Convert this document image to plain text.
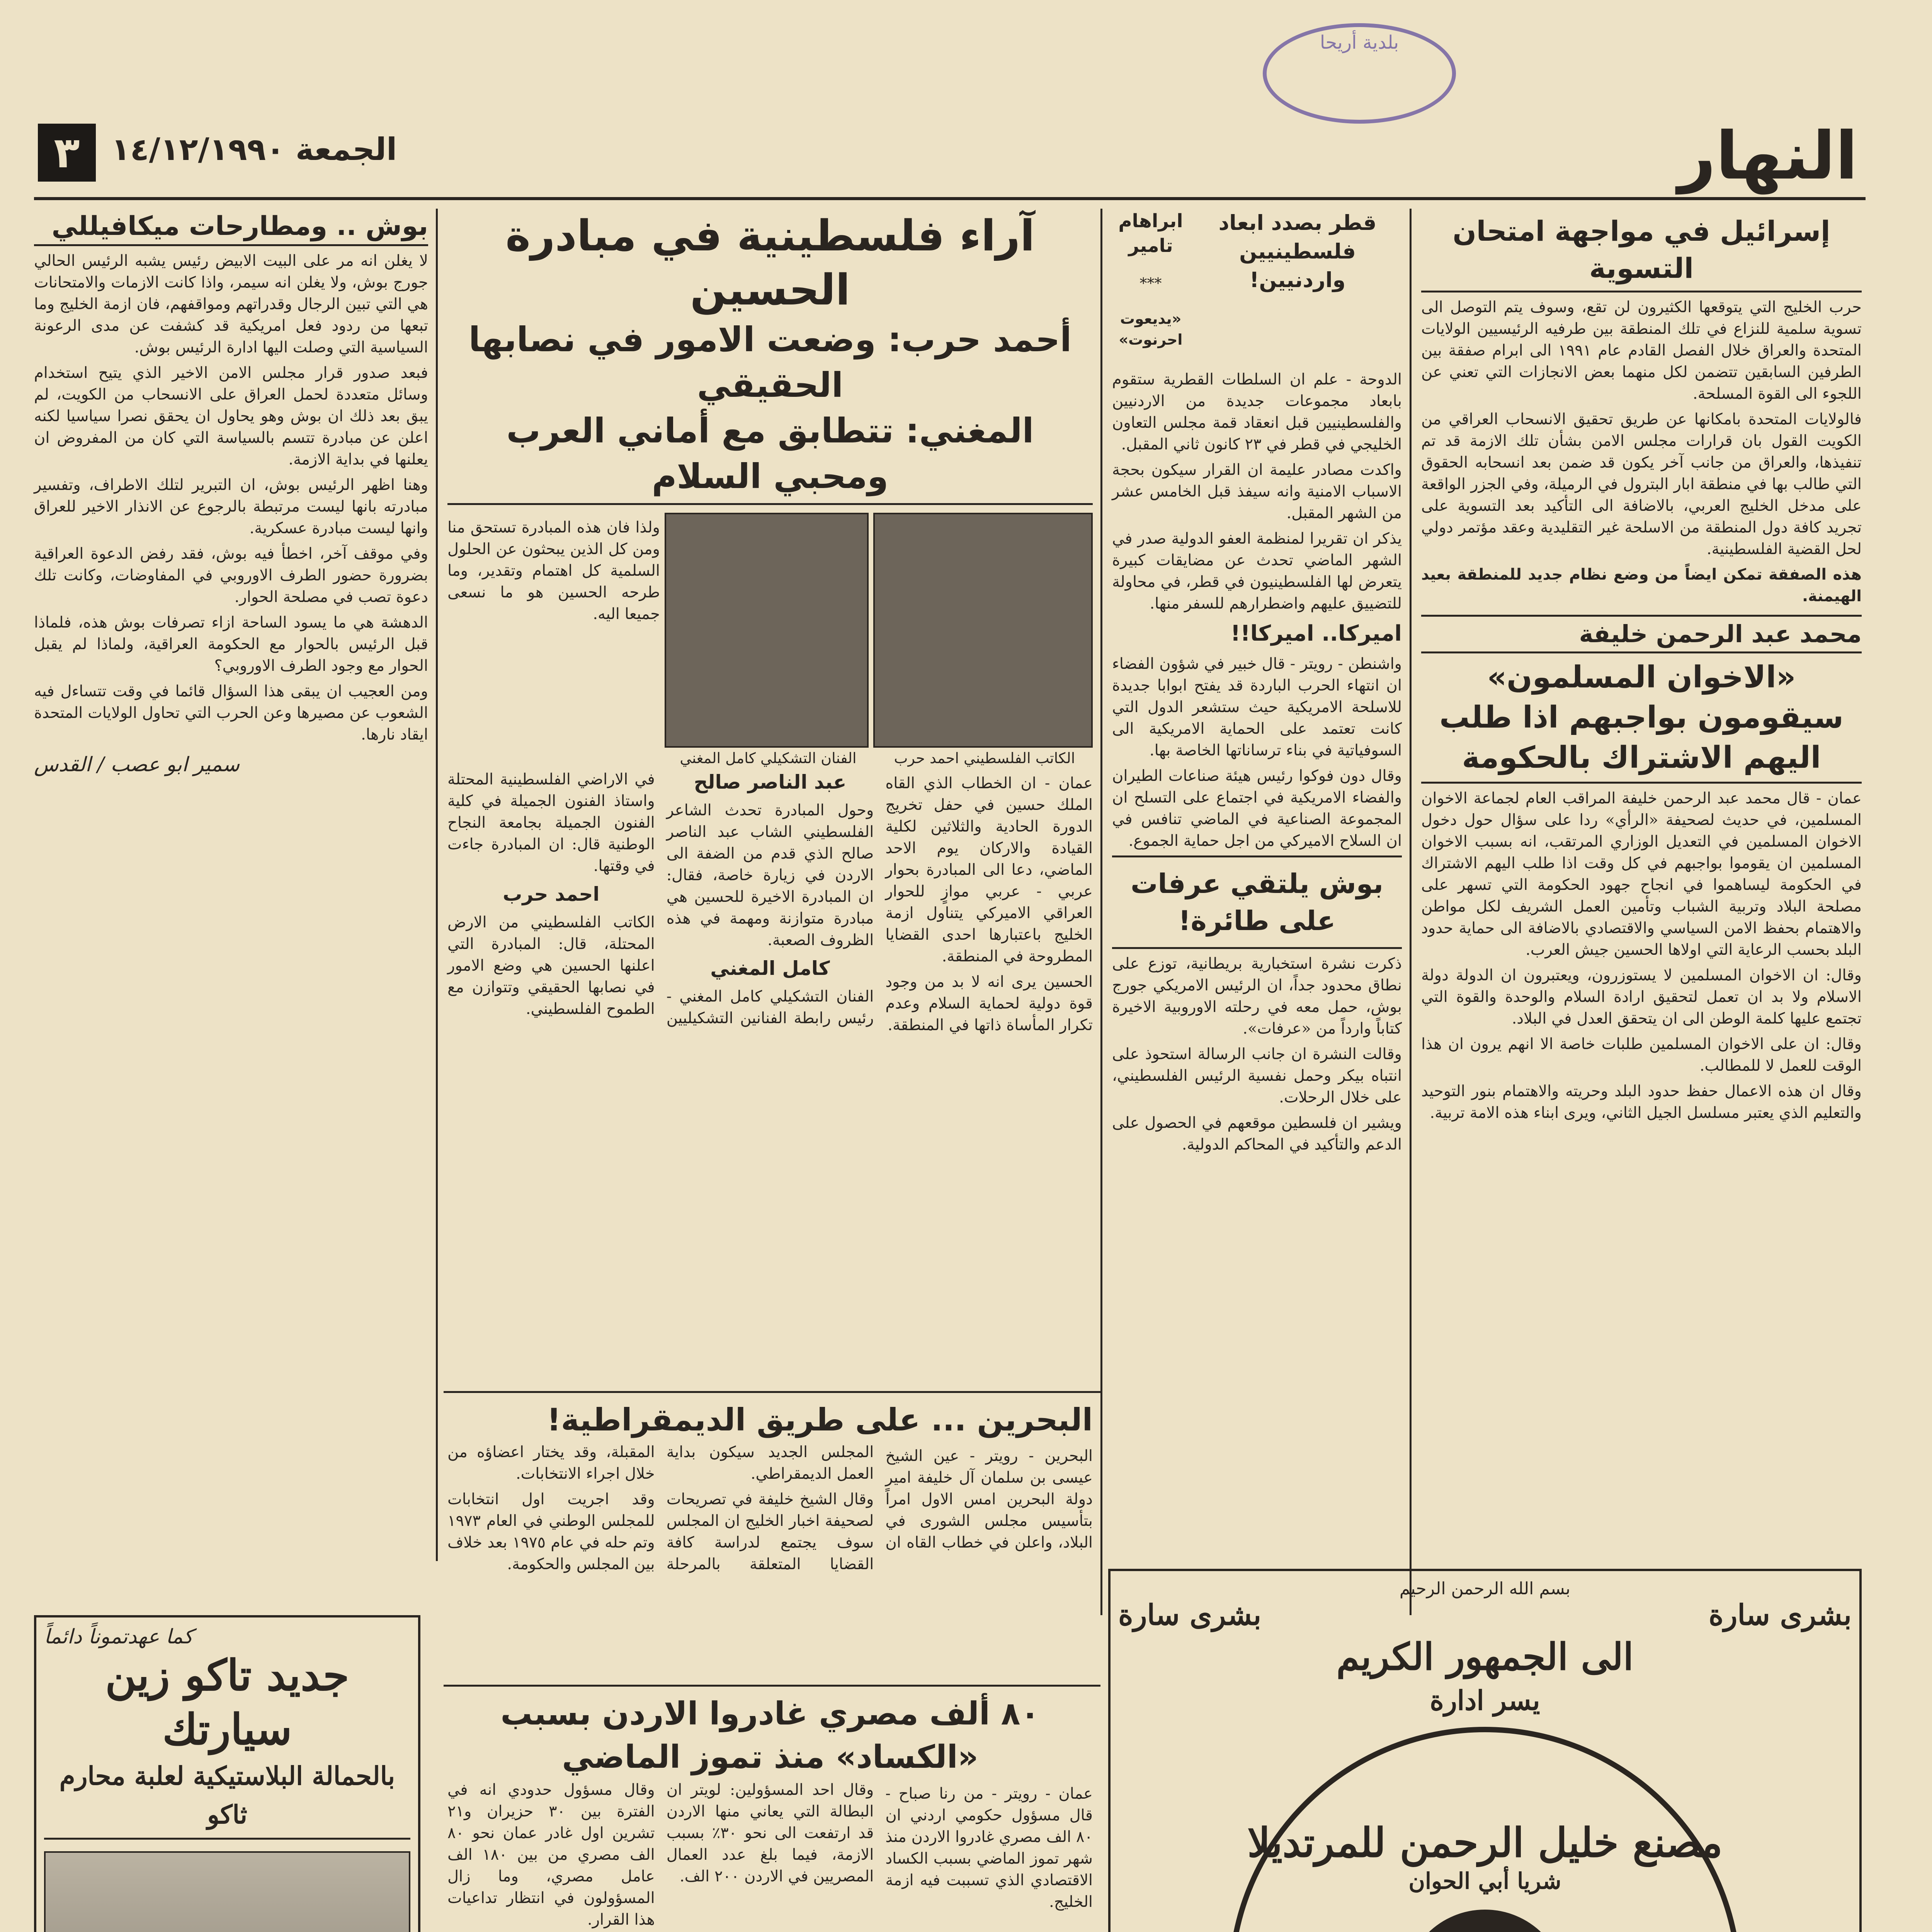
بلدية أريحا
٣	الجمعة ١٤/١٢/١٩٩٠	النهار
إسرائيل في مواجهة امتحان التسوية

حرب الخليج التي يتوقعها الكثيرون لن تقع، وسوف يتم التوصل الى تسوية سلمية للنزاع في تلك المنطقة بين طرفيه الرئيسيين الولايات المتحدة والعراق خلال الفصل القادم عام ١٩٩١ الى ابرام صفقة بين الطرفين السابقين تتضمن لكل منهما بعض الانجازات التي تعني عن اللجوء الى القوة المسلحة.

فالولايات المتحدة بامكانها عن طريق تحقيق الانسحاب العراقي من الكويت القول بان قرارات مجلس الامن بشأن تلك الازمة قد تم تنفيذها، والعراق من جانب آخر يكون قد ضمن بعد انسحابه الحقوق التي طالب بها في منطقة ابار البترول في الرميلة، وفي الجزر الواقعة على مدخل الخليج العربي، بالاضافة الى التأكيد بعد التسوية على تجريد كافة دول المنطقة من الاسلحة غير التقليدية وعقد مؤتمر دولي لحل القضية الفلسطينية.

هذه الصفقة تمكن ايضاً من وضع نظام جديد للمنطقة بعيد الهيمنة.

محمد عبد الرحمن خليفة
«الاخوان المسلمون» سيقومون بواجبهم اذا طلب اليهم الاشتراك بالحكومة

عمان - قال محمد عبد الرحمن خليفة المراقب العام لجماعة الاخوان المسلمين، في حديث لصحيفة «الرأي» ردا على سؤال حول دخول الاخوان المسلمين في التعديل الوزاري المرتقب، انه بسبب الاخوان المسلمين ان يقوموا بواجبهم في كل وقت اذا طلب اليهم الاشتراك في الحكومة ليساهموا في انجاح جهود الحكومة التي تسهر على مصلحة البلاد وتربية الشباب وتأمين العمل الشريف لكل مواطن والاهتمام بحفظ الامن السياسي والاقتصادي بالاضافة الى حماية حدود البلد بحسب الرعاية التي اولاها الحسين جيش العرب.

وقال: ان الاخوان المسلمين لا يستوزرون، ويعتبرون ان الدولة دولة الاسلام ولا بد ان تعمل لتحقيق ارادة السلام والوحدة والقوة التي تجتمع عليها كلمة الوطن الى ان يتحقق العدل في البلاد.

وقال: ان على الاخوان المسلمين طلبات خاصة الا انهم يرون ان هذا الوقت للعمل لا للمطالب.

وقال ان هذه الاعمال حفظ حدود البلد وحريته والاهتمام بنور التوحيد والتعليم الذي يعتبر مسلسل الجيل الثاني، ويرى ابناء هذه الامة تربية.

قطر بصدد ابعاد فلسطينيين واردنيين!
ابراهام تامير

***

«يديعوت احرنوت»

الدوحة - علم ان السلطات القطرية ستقوم بابعاد مجموعات جديدة من الاردنيين والفلسطينيين قبل انعقاد قمة مجلس التعاون الخليجي في قطر في ٢٣ كانون ثاني المقبل.

واكدت مصادر عليمة ان القرار سيكون بحجة الاسباب الامنية وانه سيفذ قبل الخامس عشر من الشهر المقبل.

يذكر ان تقريرا لمنظمة العفو الدولية صدر في الشهر الماضي تحدث عن مضايقات كبيرة يتعرض لها الفلسطينيون في قطر، في محاولة للتضييق عليهم واضطرارهم للسفر منها.

اميركا.. اميركا!!

واشنطن - رويتر - قال خبير في شؤون الفضاء ان انتهاء الحرب الباردة قد يفتح ابوابا جديدة للاسلحة الامريكية حيث ستشعر الدول التي كانت تعتمد على الحماية الامريكية الى السوفياتية في بناء ترساناتها الخاصة بها.

وقال دون فوكوا رئيس هيئة صناعات الطيران والفضاء الامريكية في اجتماع على التسلح ان المجموعة الصناعية في الماضي تنافس في ان السلاح الاميركي من اجل حماية الجموع.

بوش يلتقي عرفات على طائرة!

ذكرت نشرة استخبارية بريطانية، توزع على نطاق محدود جداً، ان الرئيس الامريكي جورج بوش، حمل معه في رحلته الاوروبية الاخيرة كتاباً وارداً من «عرفات».

وقالت النشرة ان جانب الرسالة استحوذ على انتباه بيكر وحمل نفسية الرئيس الفلسطيني، على خلال الرحلات.

ويشير ان فلسطين موقعهم في الحصول على الدعم والتأكيد في المحاكم الدولية.

آراء فلسطينية في مبادرة الحسين
أحمد حرب: وضعت الامور في نصابها الحقيقي
المغني: تتطابق مع أماني العرب ومحبي السلام
الكاتب الفلسطيني احمد حرب
الفنان التشكيلي كامل المغني

ولذا فان هذه المبادرة تستحق منا ومن كل الذين يبحثون عن الحلول السلمية كل اهتمام وتقدير، وما طرحه الحسين هو ما نسعى جميعا اليه.

عمان - ان الخطاب الذي القاه الملك حسين في حفل تخريج الدورة الحادية والثلاثين لكلية القيادة والاركان يوم الاحد الماضي، دعا الى المبادرة بحوار عربي - عربي موازٍ للحوار العراقي الاميركي يتناول ازمة الخليج باعتبارها احدى القضايا المطروحة في المنطقة.

الحسين يرى انه لا بد من وجود قوة دولية لحماية السلام وعدم تكرار المأساة ذاتها في المنطقة.

عبد الناصر صالح

وحول المبادرة تحدث الشاعر الفلسطيني الشاب عبد الناصر صالح الذي قدم من الضفة الى الاردن في زيارة خاصة، فقال: ان المبادرة الاخيرة للحسين هي مبادرة متوازنة ومهمة في هذه الظروف الصعبة.

كامل المغني

الفنان التشكيلي كامل المغني - رئيس رابطة الفنانين التشكيليين في الاراضي الفلسطينية المحتلة واستاذ الفنون الجميلة في كلية الفنون الجميلة بجامعة النجاح الوطنية قال: ان المبادرة جاءت في وقتها.

احمد حرب

الكاتب الفلسطيني من الارض المحتلة، قال: المبادرة التي اعلنها الحسين هي وضع الامور في نصابها الحقيقي وتتوازن مع الطموح الفلسطيني.

بوش .. ومطارحات ميكافيللي

لا يغلن انه مر على البيت الابيض رئيس يشبه الرئيس الحالي جورج بوش، ولا يغلن انه سيمر، واذا كانت الازمات والامتحانات هي التي تبين الرجال وقدراتهم ومواقفهم، فان ازمة الخليج وما تبعها من ردود فعل امريكية قد كشفت عن مدى الرعونة السياسية التي وصلت اليها ادارة الرئيس بوش.

فبعد صدور قرار مجلس الامن الاخير الذي يتيح استخدام وسائل متعددة لحمل العراق على الانسحاب من الكويت، لم يبق بعد ذلك ان بوش وهو يحاول ان يحقق نصرا سياسيا لكنه اعلن عن مبادرة تتسم بالسياسة التي كان من المفروض ان يعلنها في بداية الازمة.

وهنا اظهر الرئيس بوش، ان التبرير لتلك الاطراف، وتفسير مبادرته بانها ليست مرتبطة بالرجوع عن الانذار الاخير للعراق وانها ليست مبادرة عسكرية.

وفي موقف آخر، اخطأ فيه بوش، فقد رفض الدعوة العراقية بضرورة حضور الطرف الاوروبي في المفاوضات، وكانت تلك دعوة تصب في مصلحة الحوار.

الدهشة هي ما يسود الساحة ازاء تصرفات بوش هذه، فلماذا قبل الرئيس بالحوار مع الحكومة العراقية، ولماذا لم يقبل الحوار مع وجود الطرف الاوروبي؟

ومن العجيب ان يبقى هذا السؤال قائما في وقت تتساءل فيه الشعوب عن مصيرها وعن الحرب التي تحاول الولايات المتحدة ايقاد نارها.

سمير ابو عصب / القدس

البحرين ... على طريق الديمقراطية!

البحرين - رويتر - عين الشيخ عيسى بن سلمان آل خليفة امير دولة البحرين امس الاول امراً بتأسيس مجلس الشورى في البلاد، واعلن في خطاب القاه ان المجلس الجديد سيكون بداية العمل الديمقراطي.

وقال الشيخ خليفة في تصريحات لصحيفة اخبار الخليج ان المجلس سوف يجتمع لدراسة كافة القضايا المتعلقة بالمرحلة المقبلة، وقد يختار اعضاؤه من خلال اجراء الانتخابات.

وقد اجريت اول انتخابات للمجلس الوطني في العام ١٩٧٣ وتم حله في عام ١٩٧٥ بعد خلاف بين المجلس والحكومة.

٨٠ ألف مصري غادروا الاردن بسبب «الكساد» منذ تموز الماضي

عمان - رويتر - من رنا صباح - قال مسؤول حكومي اردني ان ٨٠ الف مصري غادروا الاردن منذ شهر تموز الماضي بسبب الكساد الاقتصادي الذي تسببت فيه ازمة الخليج.

وقال احد المسؤولين: لويتر ان البطالة التي يعاني منها الاردن قد ارتفعت الى نحو ٣٠٪ بسبب الازمة، فيما بلغ عدد العمال المصريين في الاردن ٢٠٠ الف.

وقال مسؤول حدودي انه في الفترة بين ٣٠ حزيران و٢١ تشرين اول غادر عمان نحو ٨٠ الف مصري من بين ١٨٠ الف عامل مصري، وما زال المسؤولون في انتظار تداعيات هذا القرار.

كما عهدتموناً دائماً
جديد تاكو زين سيارتك
بالحمالة البلاستيكية لعلبة محارم ثاكو
بسم الله الرحمن الرحيم
بشرى سارة
بشرى سارة
الى الجمهور الكريم
يسر ادارة
مصنع خليل الرحمن للمرتديلا
شريا أبي الحوان
